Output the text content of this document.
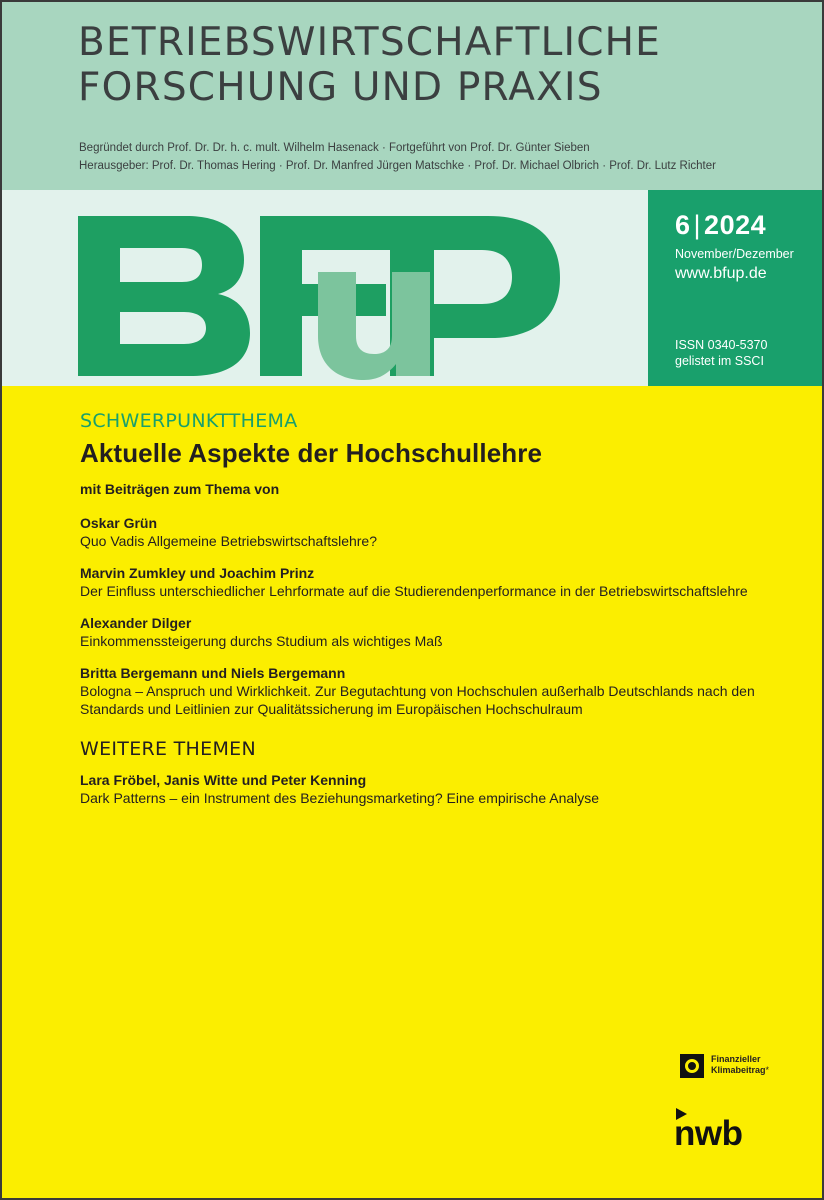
BETRIEBSWIRTSCHAFTLICHE
FORSCHUNG UND PRAXIS
Begründet durch Prof. Dr. Dr. h. c. mult. Wilhelm Hasenack · Fortgeführt von Prof. Dr. Günter Sieben
Herausgeber: Prof. Dr. Thomas Hering · Prof. Dr. Manfred Jürgen Matschke · Prof. Dr. Michael Olbrich · Prof. Dr. Lutz Richter
6 | 2024
November/Dezember
www.bfup.de
ISSN 0340-5370
gelistet im SSCI
SCHWERPUNKTTHEMA
Aktuelle Aspekte der Hochschullehre
mit Beiträgen zum Thema von
Oskar Grün
Quo Vadis Allgemeine Betriebswirtschaftslehre?
Marvin Zumkley und Joachim Prinz
Der Einfluss unterschiedlicher Lehrformate auf die Studierendenperformance in der Betriebswirtschaftslehre
Alexander Dilger
Einkommenssteigerung durchs Studium als wichtiges Maß
Britta Bergemann und Niels Bergemann
Bologna – Anspruch und Wirklichkeit. Zur Begutachtung von Hochschulen außerhalb Deutschlands nach den Standards und Leitlinien zur Qualitätssicherung im Europäischen Hochschulraum
WEITERE THEMEN
Lara Fröbel, Janis Witte und Peter Kenning
Dark Patterns – ein Instrument des Beziehungsmarketing? Eine empirische Analyse
Finanzieller
Klimabeitrag*
nwb
